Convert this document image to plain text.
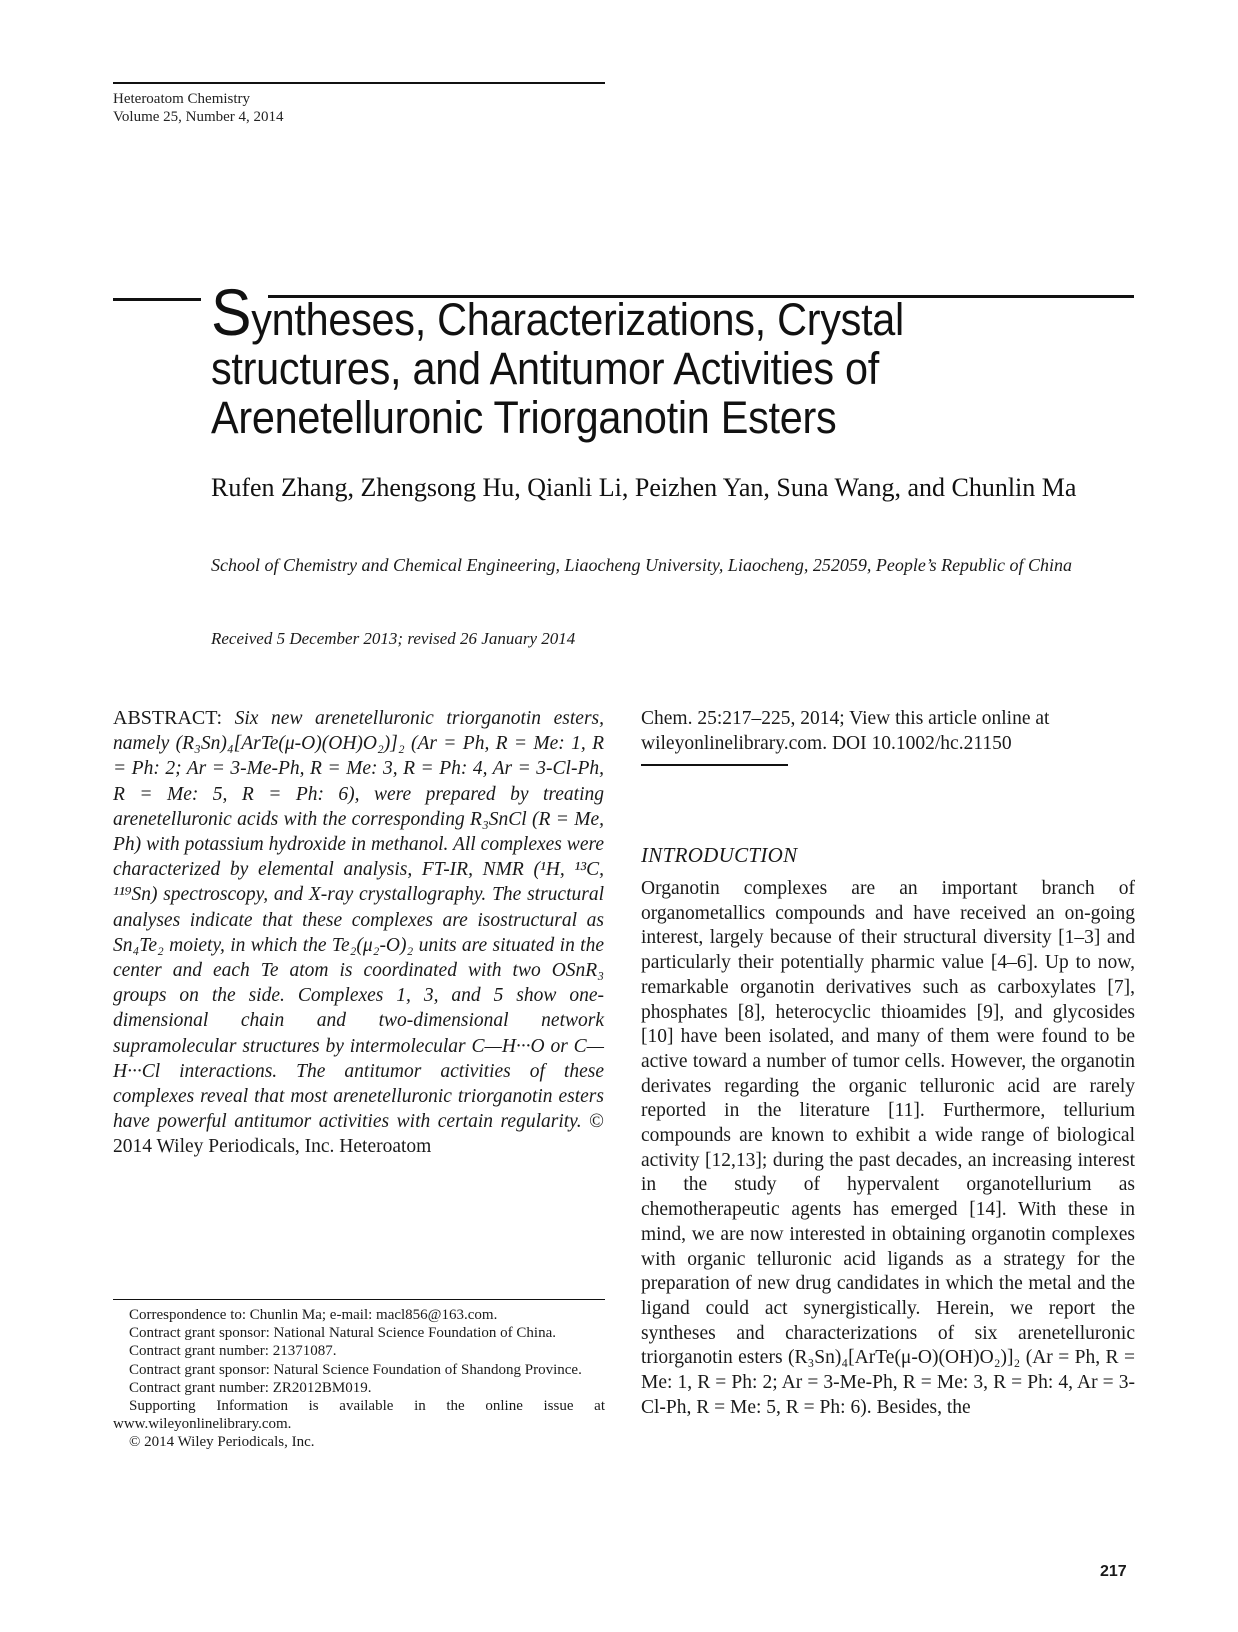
Heteroatom Chemistry
Volume 25, Number 4, 2014
Syntheses, Characterizations, Crystal structures, and Antitumor Activities of Arenetelluronic Triorganotin Esters
Rufen Zhang, Zhengsong Hu, Qianli Li, Peizhen Yan, Suna Wang, and Chunlin Ma
School of Chemistry and Chemical Engineering, Liaocheng University, Liaocheng, 252059, People’s Republic of China
Received 5 December 2013; revised 26 January 2014
ABSTRACT: Six new arenetelluronic triorganotin esters, namely (R₃Sn)₄[ArTe(μ-O)(OH)O₂)]₂ (Ar = Ph, R = Me: 1, R = Ph: 2; Ar = 3-Me-Ph, R = Me: 3, R = Ph: 4, Ar = 3-Cl-Ph, R = Me: 5, R = Ph: 6), were prepared by treating arenetelluronic acids with the corresponding R₃SnCl (R = Me, Ph) with potassium hydroxide in methanol. All complexes were characterized by elemental analysis, FT-IR, NMR (¹H, ¹³C, ¹¹⁹Sn) spectroscopy, and X-ray crystallography. The structural analyses indicate that these complexes are isostructural as Sn₄Te₂ moiety, in which the Te₂(μ₂-O)₂ units are situated in the center and each Te atom is coordinated with two OSnR₃ groups on the side. Complexes 1, 3, and 5 show one-dimensional chain and two-dimensional network supramolecular structures by intermolecular C—H···O or C—H···Cl interactions. The antitumor activities of these complexes reveal that most arenetelluronic triorganotin esters have powerful antitumor activities with certain regularity. © 2014 Wiley Periodicals, Inc. Heteroatom

Correspondence to: Chunlin Ma; e-mail: macl856@163.com.

Contract grant sponsor: National Natural Science Foundation of China.

Contract grant number: 21371087.

Contract grant sponsor: Natural Science Foundation of Shandong Province.

Contract grant number: ZR2012BM019.

Supporting Information is available in the online issue at www.wileyonlinelibrary.com.

© 2014 Wiley Periodicals, Inc.

Chem. 25:217–225, 2014; View this article online at wileyonlinelibrary.com. DOI 10.1002/hc.21150
INTRODUCTION
Organotin complexes are an important branch of organometallics compounds and have received an on-going interest, largely because of their structural diversity [1–3] and particularly their potentially pharmic value [4–6]. Up to now, remarkable organotin derivatives such as carboxylates [7], phosphates [8], heterocyclic thioamides [9], and glycosides [10] have been isolated, and many of them were found to be active toward a number of tumor cells. However, the organotin derivates regarding the organic telluronic acid are rarely reported in the literature [11]. Furthermore, tellurium compounds are known to exhibit a wide range of biological activity [12,13]; during the past decades, an increasing interest in the study of hypervalent organotellurium as chemotherapeutic agents has emerged [14]. With these in mind, we are now interested in obtaining organotin complexes with organic telluronic acid ligands as a strategy for the preparation of new drug candidates in which the metal and the ligand could act synergistically. Herein, we report the syntheses and characterizations of six arenetelluronic triorganotin esters (R₃Sn)₄[ArTe(μ-O)(OH)O₂)]₂ (Ar = Ph, R = Me: 1, R = Ph: 2; Ar = 3-Me-Ph, R = Me: 3, R = Ph: 4, Ar = 3-Cl-Ph, R = Me: 5, R = Ph: 6). Besides, the
217
